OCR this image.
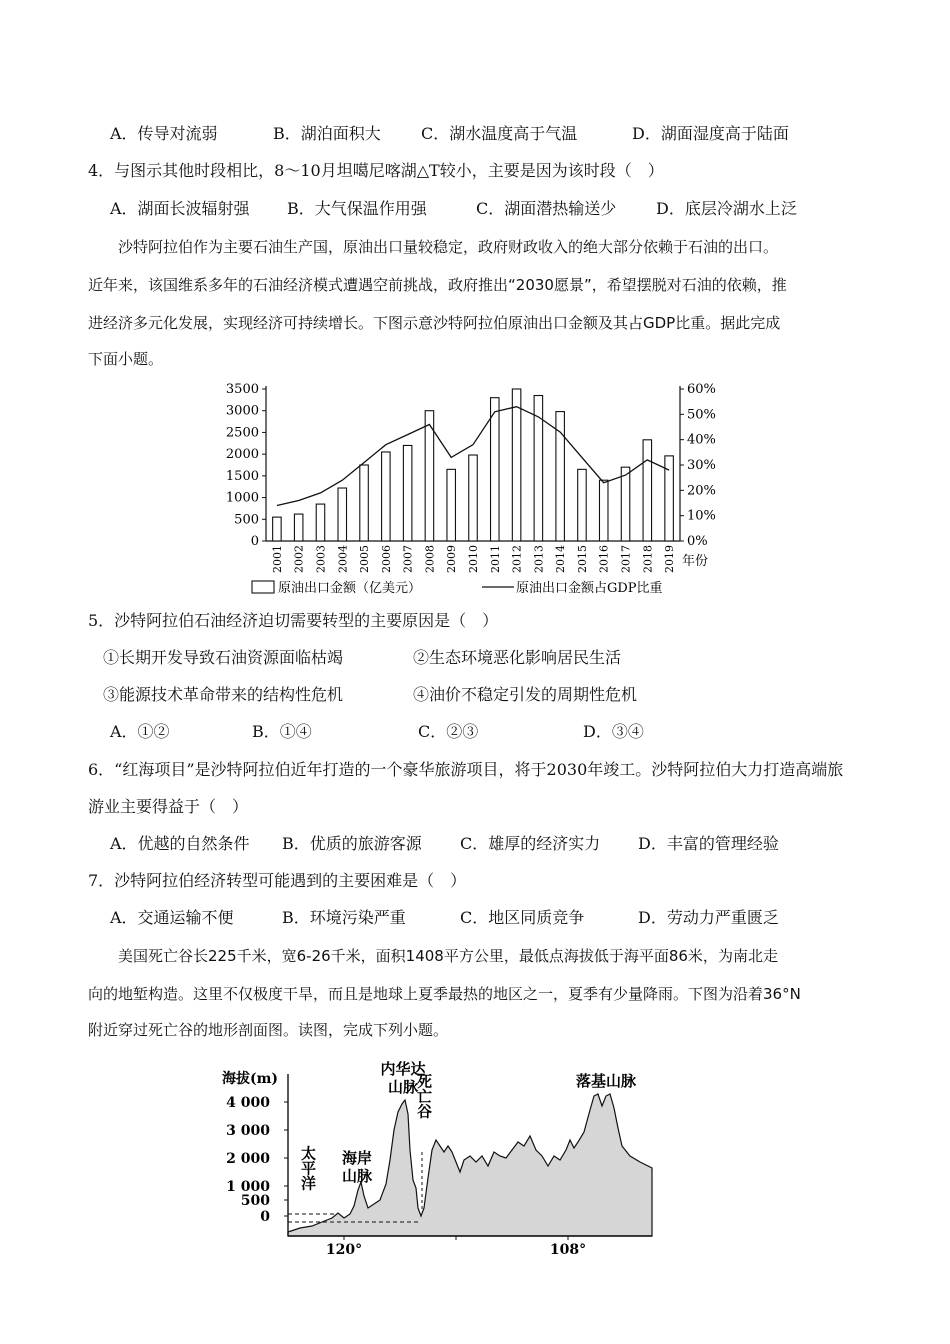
A．传导对流弱	B．湖泊面积大	C．湖水温度高于气温	D．湖面湿度高于陆面
4．与图示其他时段相比，8～10月坦噶尼喀湖△T较小，主要是因为该时段（　）
A．湖面长波辐射强 B．大气保温作用强	C．湖面潜热输送少 D．底层冷湖水上泛
沙特阿拉伯作为主要石油生产国，原油出口量较稳定，政府财政收入的绝大部分依赖于石油的出口。
近年来，该国维系多年的石油经济模式遭遇空前挑战，政府推出“2030愿景”，希望摆脱对石油的依赖，推
进经济多元化发展，实现经济可持续增长。下图示意沙特阿拉伯原油出口金额及其占GDP比重。据此完成
下面小题。
3500
3000
2500
2000
1500
1000
500
0
60%
50%
40%
30%
20%
10%
0%
2001 2002 2003 2004 2005 2006 2007 2008 2009 2010 2011 2012 2013 2014 2015 2016 2017 2018 2019 年份
原油出口金额（亿美元）	原油出口金额占GDP比重
5．沙特阿拉伯石油经济迫切需要转型的主要原因是（　）
①长期开发导致石油资源面临枯竭	②生态环境恶化影响居民生活
③能源技术革命带来的结构性危机	④油价不稳定引发的周期性危机
A．①②	B．①④	C．②③	D．③④
6．“红海项目”是沙特阿拉伯近年打造的一个豪华旅游项目，将于2030年竣工。沙特阿拉伯大力打造高端旅
游业主要得益于（　）
A．优越的自然条件 B．优质的旅游客源 C．雄厚的经济实力 D．丰富的管理经验
7．沙特阿拉伯经济转型可能遇到的主要困难是（　）
A．交通运输不便	B．环境污染严重	C．地区同质竞争	D．劳动力严重匮乏
美国死亡谷长225千米，宽6-26千米，面积1408平方公里，最低点海拔低于海平面86米，为南北走
向的地堑构造。这里不仅极度干旱，而且是地球上夏季最热的地区之一，夏季有少量降雨。下图为沿着36°N
附近穿过死亡谷的地形剖面图。读图，完成下列小题。
海拔(m)
4 000
3 000
2 000
1 000
500
0
120°	108°
太平洋 海岸山脉
内华达山脉
死亡谷	落基山脉
